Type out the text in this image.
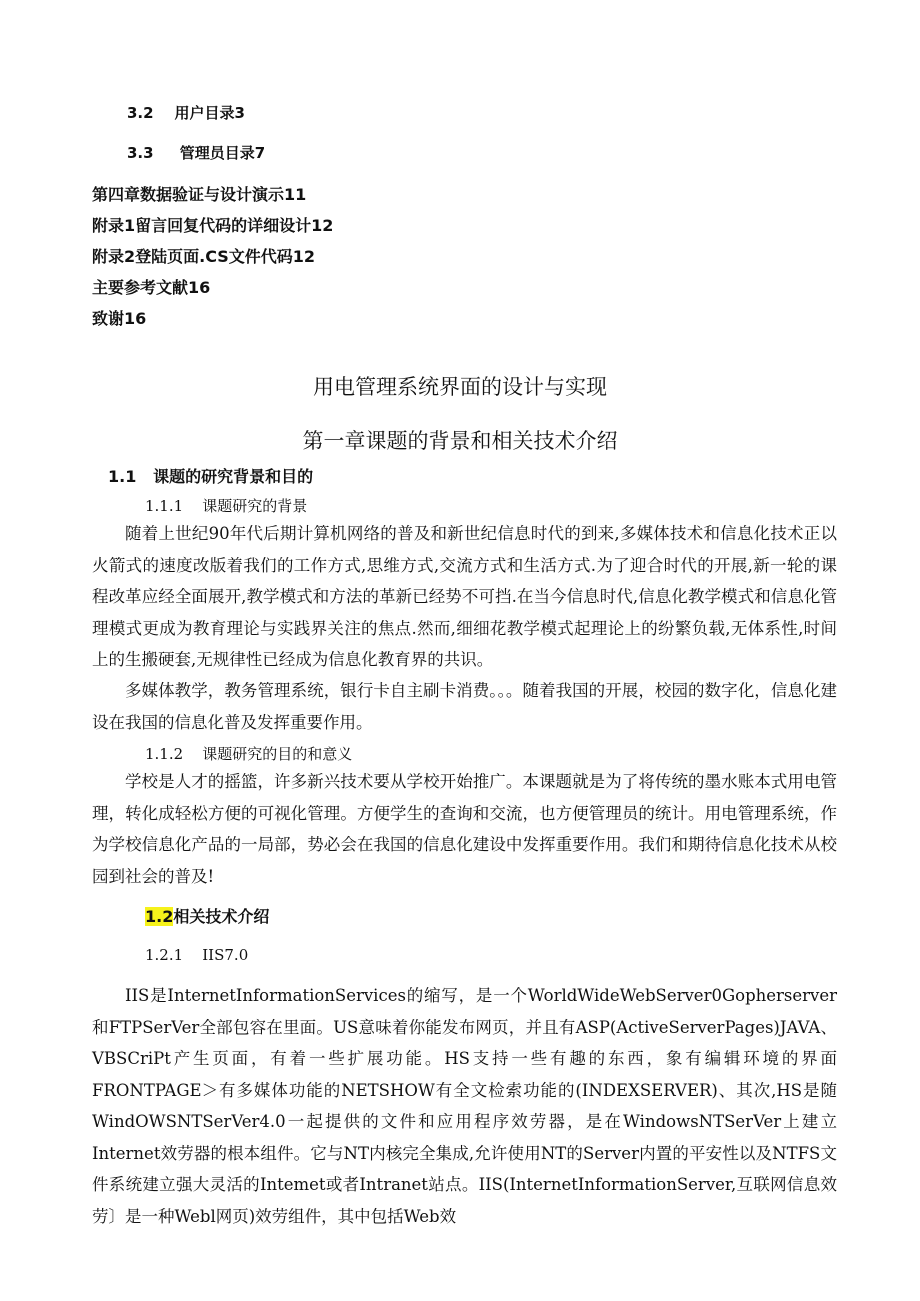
3.2 用户目录3
3.3 管理员目录7
第四章数据验证与设计演示11
附录1留言回复代码的详细设计12
附录2登陆页面.CS文件代码12
主要参考文献16
致谢16
用电管理系统界面的设计与实现
第一章课题的背景和相关技术介绍
1.1 课题的研究背景和目的
1.1.1 课题研究的背景
随着上世纪90年代后期计算机网络的普及和新世纪信息时代的到来,多媒体技术和信息化技术正以火箭式的速度改版着我们的工作方式,思维方式,交流方式和生活方式.为了迎合时代的开展,新一轮的课程改革应经全面展开,教学模式和方法的革新已经势不可挡.在当今信息时代,信息化教学模式和信息化管理模式更成为教育理论与实践界关注的焦点.然而,细细花教学模式起理论上的纷繁负载,无体系性,时间上的生搬硬套,无规律性已经成为信息化教育界的共识。
多媒体教学，教务管理系统，银行卡自主刷卡消费。。。随着我国的开展，校园的数字化，信息化建设在我国的信息化普及发挥重要作用。
1.1.2 课题研究的目的和意义
学校是人才的摇篮，许多新兴技术要从学校开始推广。本课题就是为了将传统的墨水账本式用电管理，转化成轻松方便的可视化管理。方便学生的查询和交流，也方便管理员的统计。用电管理系统，作为学校信息化产品的一局部，势必会在我国的信息化建设中发挥重要作用。我们和期待信息化技术从校园到社会的普及!
1.2相关技术介绍
1.2.1 IIS7.0
IIS是InternetInformationServices的缩写，是一个WorldWideWebServer0Gopherserver和FTPSerVer全部包容在里面。US意味着你能发布网页，并且有ASP(ActiveServerPages)JAVA、VBSCriPt产生页面，有着一些扩展功能。HS支持一些有趣的东西，象有编辑环境的界面FRONTPAGE＞有多媒体功能的NETSHOW有全文检索功能的(INDEXSERVER)、其次,HS是随WindOWSNTSerVer4.0一起提供的文件和应用程序效劳器，是在WindowsNTSerVer上建立Internet效劳器的根本组件。它与NT内核完全集成,允许使用NT的Server内置的平安性以及NTFS文件系统建立强大灵活的Intemet或者Intranet站点。IIS(InternetInformationServer,互联网信息效劳〕是一种Webl网页)效劳组件，其中包括Web效
